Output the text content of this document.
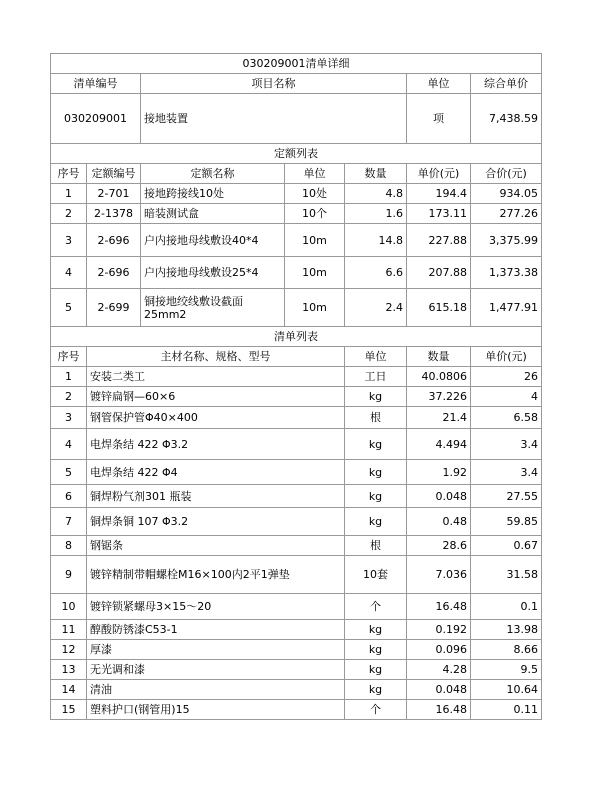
030209001清单详细							
清单编号		项目名称			单位	综合单价	
030209001		接地装置			项	7,438.59	
定额列表							
序号	定额编号	定额名称	单位	数量	单价(元)	合价(元)	
1	2-701	接地跨接线10处	10处	4.8	194.4	934.05	
2	2-1378	暗装测试盒	10个	1.6	173.11	277.26	
3	2-696	户内接地母线敷设40*4	10m	14.8	227.88	3,375.99	
4	2-696	户内接地母线敷设25*4	10m	6.6	207.88	1,373.38	
5	2-699	铜接地绞线敷设截面25mm2	10m	2.4	615.18	1,477.91	
清单列表							
序号	主材名称、规格、型号			单位	数量	单价(元)	
1	安装二类工			工日	40.0806	26	
2	镀锌扁钢—60×6			kg	37.226	4	
3	钢管保护管Φ40×400			根	21.4	6.58	
4	电焊条结 422 Φ3.2			kg	4.494	3.4	
5	电焊条结 422 Φ4			kg	1.92	3.4	
6	铜焊粉气剂301 瓶装			kg	0.048	27.55	
7	铜焊条铜 107 Φ3.2			kg	0.48	59.85	
8	钢锯条			根	28.6	0.67	
9	镀锌精制带帽螺栓M16×100内2平1弹垫			10套	7.036	31.58	
10	镀锌锁紧螺母3×15～20			个	16.48	0.1	
11	醇酸防锈漆C53-1			kg	0.192	13.98	
12	厚漆			kg	0.096	8.66	
13	无光调和漆			kg	4.28	9.5	
14	清油			kg	0.048	10.64	
15	塑料护口(钢管用)15			个	16.48	0.11	
